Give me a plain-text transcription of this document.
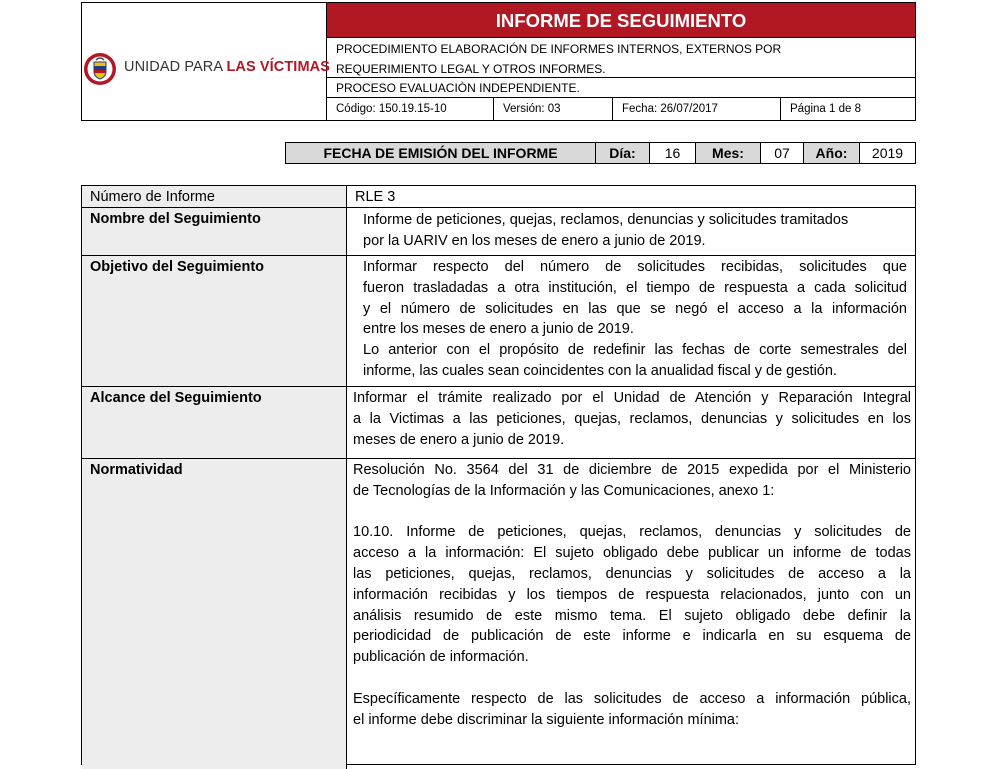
UNIDAD PARA LAS VÍCTIMAS
INFORME DE SEGUIMIENTO
PROCEDIMIENTO ELABORACIÓN DE INFORMES INTERNOS, EXTERNOS POR
REQUERIMIENTO LEGAL Y OTROS INFORMES.
PROCESO EVALUACIÒN INDEPENDIENTE.
Código: 150.19.15-10	Versión: 03	Fecha: 26/07/2017	Página 1 de 8
FECHA DE EMISIÓN DEL INFORME	Día:	16	Mes:	07	Año:	2019
Número de Informe	RLE 3
Nombre del Seguimiento	Informe de peticiones, quejas, reclamos, denuncias y solicitudes tramitados
por la UARIV en los meses de enero a junio de 2019.
Objetivo del Seguimiento	Informar respecto del número de solicitudes recibidas, solicitudes que
fueron trasladadas a otra institución, el tiempo de respuesta a cada solicitud
y el número de solicitudes en las que se negó el acceso a la información
entre los meses de enero a junio de 2019.
Lo anterior con el propósito de redefinir las fechas de corte semestrales del
informe, las cuales sean coincidentes con la anualidad fiscal y de gestión.
Alcance del Seguimiento	Informar el trámite realizado por el Unidad de Atención y Reparación Integral
a la Victimas a las peticiones, quejas, reclamos, denuncias y solicitudes en los
meses de enero a junio de 2019.
Normatividad	Resolución No. 3564 del 31 de diciembre de 2015 expedida por el Ministerio
de Tecnologías de la Información y las Comunicaciones, anexo 1:
10.10. Informe de peticiones, quejas, reclamos, denuncias y solicitudes de
acceso a la información: El sujeto obligado debe publicar un informe de todas
las peticiones, quejas, reclamos, denuncias y solicitudes de acceso a la
información recibidas y los tiempos de respuesta relacionados, junto con un
análisis resumido de este mismo tema. El sujeto obligado debe definir la
periodicidad de publicación de este informe e indicarla en su esquema de
publicación de información.
Específicamente respecto de las solicitudes de acceso a información pública,
el informe debe discriminar la siguiente información mínima:
